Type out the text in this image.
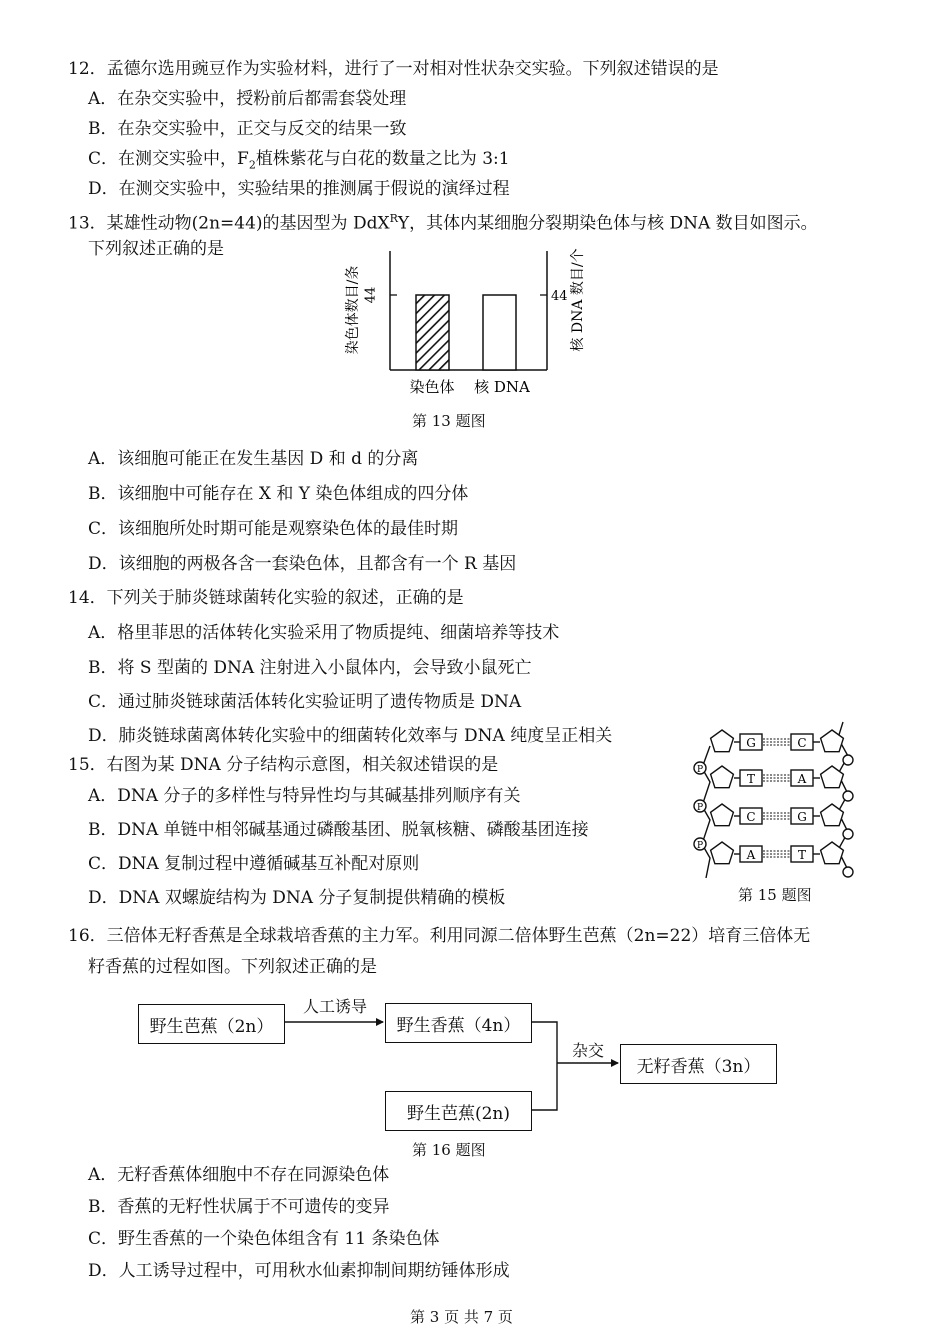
12．孟德尔选用豌豆作为实验材料，进行了一对相对性状杂交实验。下列叙述错误的是
A．在杂交实验中，授粉前后都需套袋处理
B．在杂交实验中，正交与反交的结果一致
C．在测交实验中，$F_2$植株紫花与白花的数量之比为 3:1
D．在测交实验中，实验结果的推测属于假说的演绎过程
13．某雄性动物(2n=44)的基因型为 DdX$^R$Y，其体内某细胞分裂期染色体与核 DNA 数目如图示。
下列叙述正确的是
44	44
染色体数目/条	核 DNA 数目/个
染色体 核 DNA
第 13 题图
A．该细胞可能正在发生基因 D 和 d 的分离
B．该细胞中可能存在 X 和 Y 染色体组成的四分体
C．该细胞所处时期可能是观察染色体的最佳时期
D．该细胞的两极各含一套染色体，且都含有一个 R 基因
14．下列关于肺炎链球菌转化实验的叙述，正确的是
A．格里菲思的活体转化实验采用了物质提纯、细菌培养等技术
B．将 S 型菌的 DNA 注射进入小鼠体内，会导致小鼠死亡
C．通过肺炎链球菌活体转化实验证明了遗传物质是 DNA
D．肺炎链球菌离体转化实验中的细菌转化效率与 DNA 纯度呈正相关
15．右图为某 DNA 分子结构示意图，相关叙述错误的是
A．DNA 分子的多样性与特异性均与其碱基排列顺序有关
B．DNA 单链中相邻碱基通过磷酸基团、脱氧核糖、磷酸基团连接
C．DNA 复制过程中遵循碱基互补配对原则
D．DNA 双螺旋结构为 DNA 分子复制提供精确的模板
G	C
P
T	A
P
C	G
P
A	T
第 15 题图
16．三倍体无籽香蕉是全球栽培香蕉的主力军。利用同源二倍体野生芭蕉（2n=22）培育三倍体无
籽香蕉的过程如图。下列叙述正确的是
野生芭蕉（2n）	野生香蕉（4n）
无籽香蕉（3n）
野生芭蕉(2n)
人工诱导
杂交
第 16 题图
A．无籽香蕉体细胞中不存在同源染色体
B．香蕉的无籽性状属于不可遗传的变异
C．野生香蕉的一个染色体组含有 11 条染色体
D．人工诱导过程中，可用秋水仙素抑制间期纺锤体形成
第 3 页 共 7 页
